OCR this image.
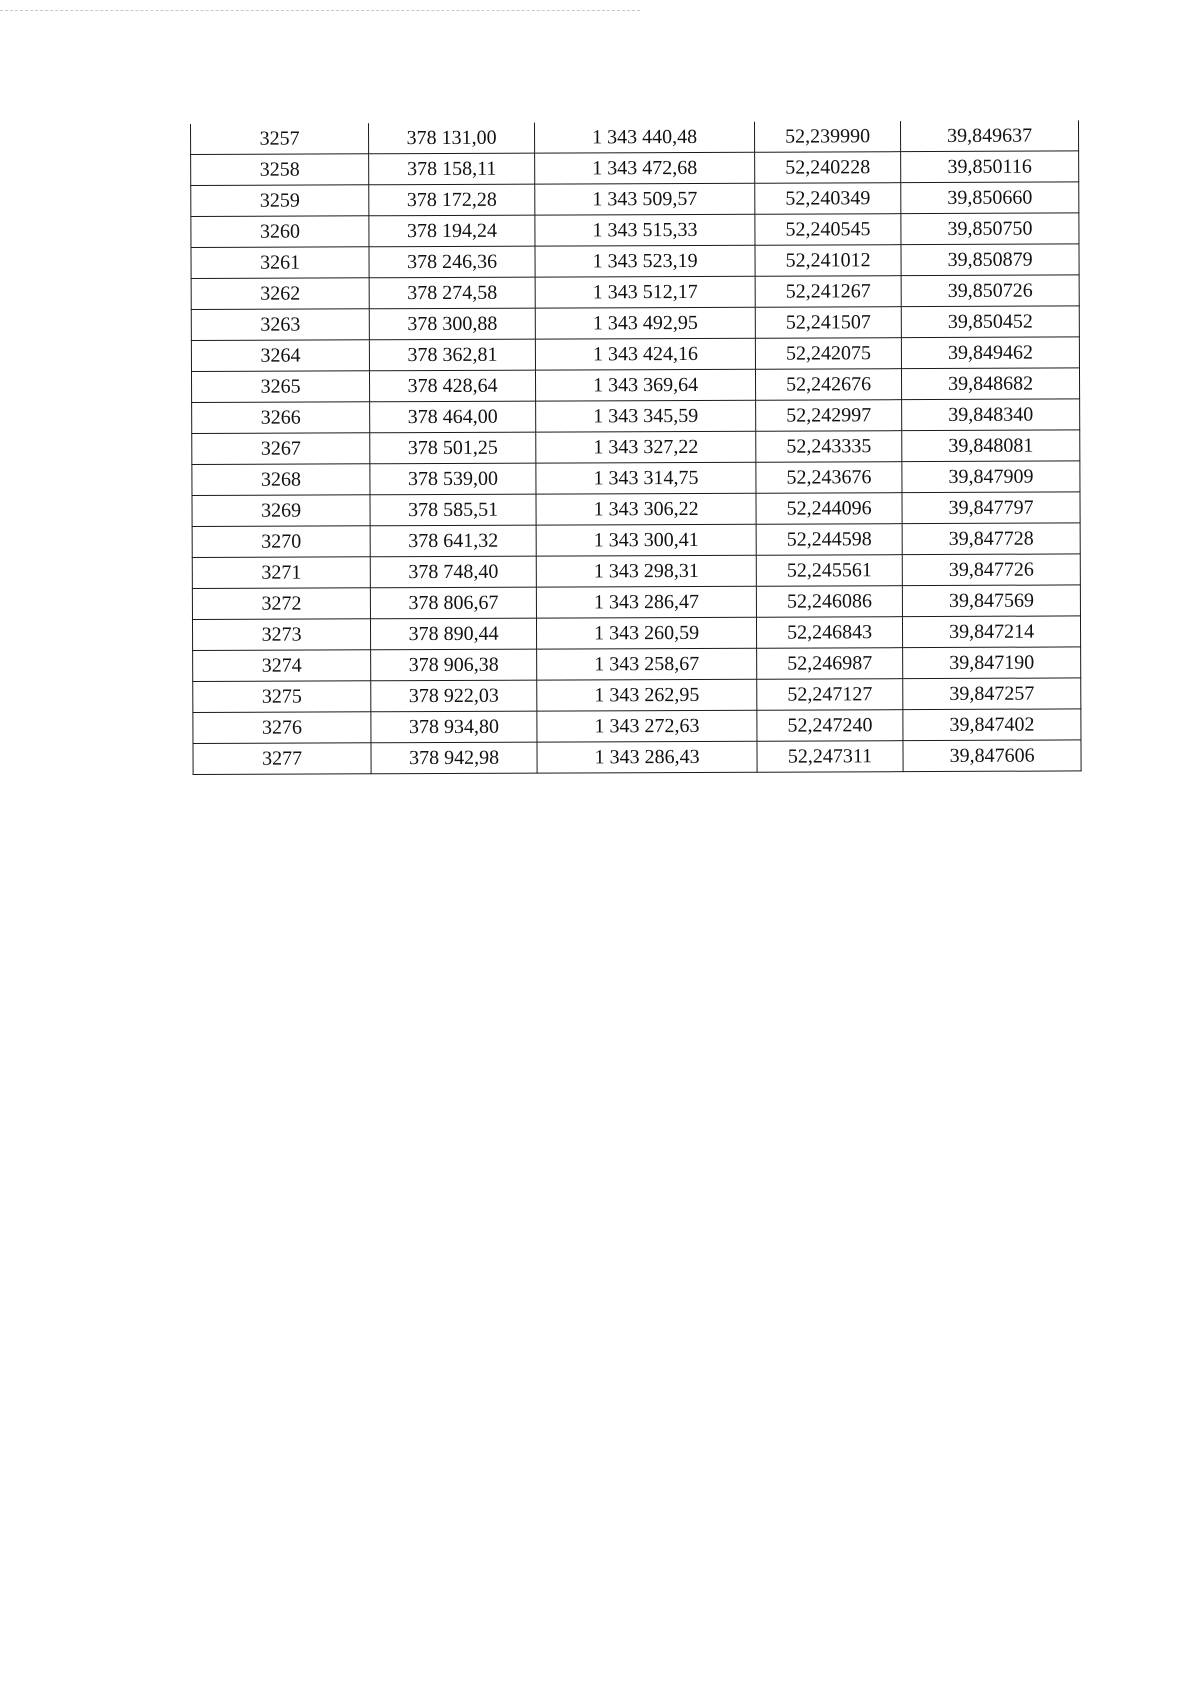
3257	378 131,00	1 343 440,48	52,239990	39,849637
3258	378 158,11	1 343 472,68	52,240228	39,850116
3259	378 172,28	1 343 509,57	52,240349	39,850660
3260	378 194,24	1 343 515,33	52,240545	39,850750
3261	378 246,36	1 343 523,19	52,241012	39,850879
3262	378 274,58	1 343 512,17	52,241267	39,850726
3263	378 300,88	1 343 492,95	52,241507	39,850452
3264	378 362,81	1 343 424,16	52,242075	39,849462
3265	378 428,64	1 343 369,64	52,242676	39,848682
3266	378 464,00	1 343 345,59	52,242997	39,848340
3267	378 501,25	1 343 327,22	52,243335	39,848081
3268	378 539,00	1 343 314,75	52,243676	39,847909
3269	378 585,51	1 343 306,22	52,244096	39,847797
3270	378 641,32	1 343 300,41	52,244598	39,847728
3271	378 748,40	1 343 298,31	52,245561	39,847726
3272	378 806,67	1 343 286,47	52,246086	39,847569
3273	378 890,44	1 343 260,59	52,246843	39,847214
3274	378 906,38	1 343 258,67	52,246987	39,847190
3275	378 922,03	1 343 262,95	52,247127	39,847257
3276	378 934,80	1 343 272,63	52,247240	39,847402
3277	378 942,98	1 343 286,43	52,247311	39,847606
